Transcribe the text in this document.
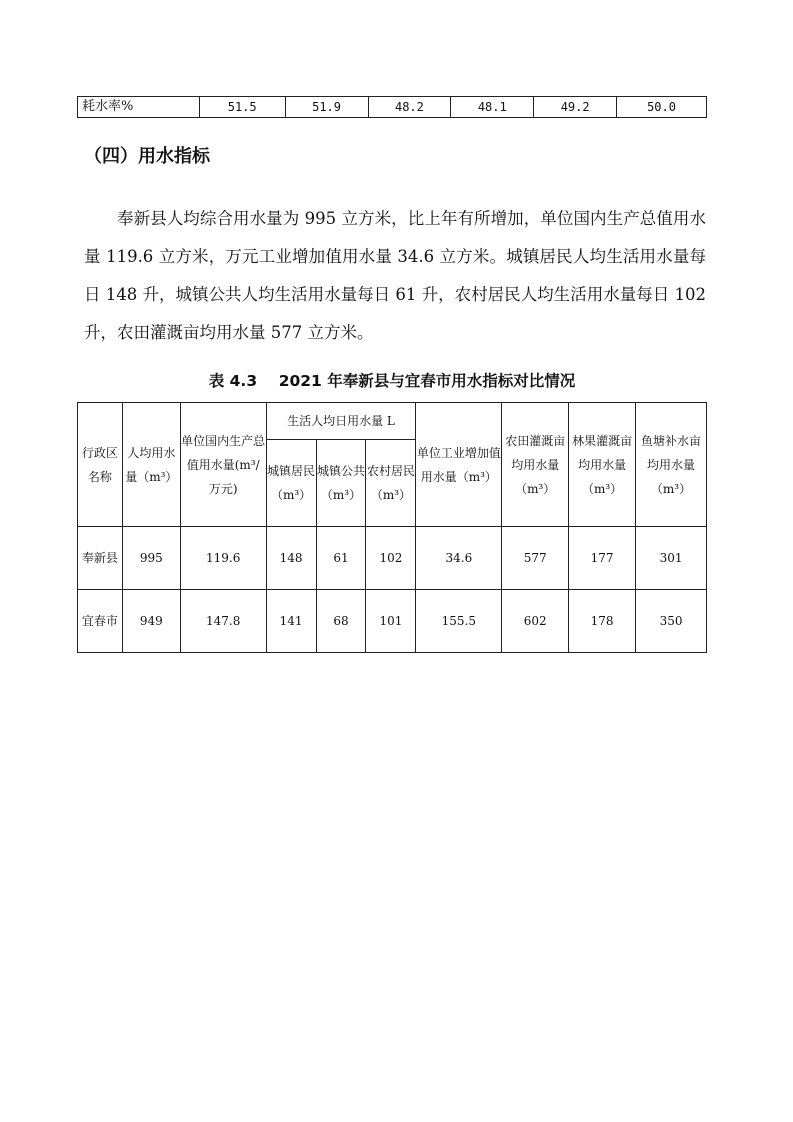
耗水率%	51.5	51.9	48.2	48.1	49.2	50.0
（四）用水指标

奉新县人均综合用水量为 995 立方米，比上年有所增加，单位国内生产总值用水量 119.6 立方米，万元工业增加值用水量 34.6 立方米。城镇居民人均生活用水量每日 148 升，城镇公共人均生活用水量每日 61 升，农村居民人均生活用水量每日 102 升，农田灌溉亩均用水量 577 立方米。

表 4.3    2021 年奉新县与宜春市用水指标对比情况
行政区名称	人均用水量（m³）	单位国内生产总值用水量(m³/万元)	生活人均日用水量 L			单位工业增加值用水量（m³）	农田灌溉亩均用水量（m³）	林果灌溉亩均用水量（m³）	鱼塘补水亩均用水量（m³）
			城镇居民（m³）	城镇公共（m³）	农村居民（m³）				
奉新县	995	119.6	148	61	102	34.6	577	177	301
宜春市	949	147.8	141	68	101	155.5	602	178	350
